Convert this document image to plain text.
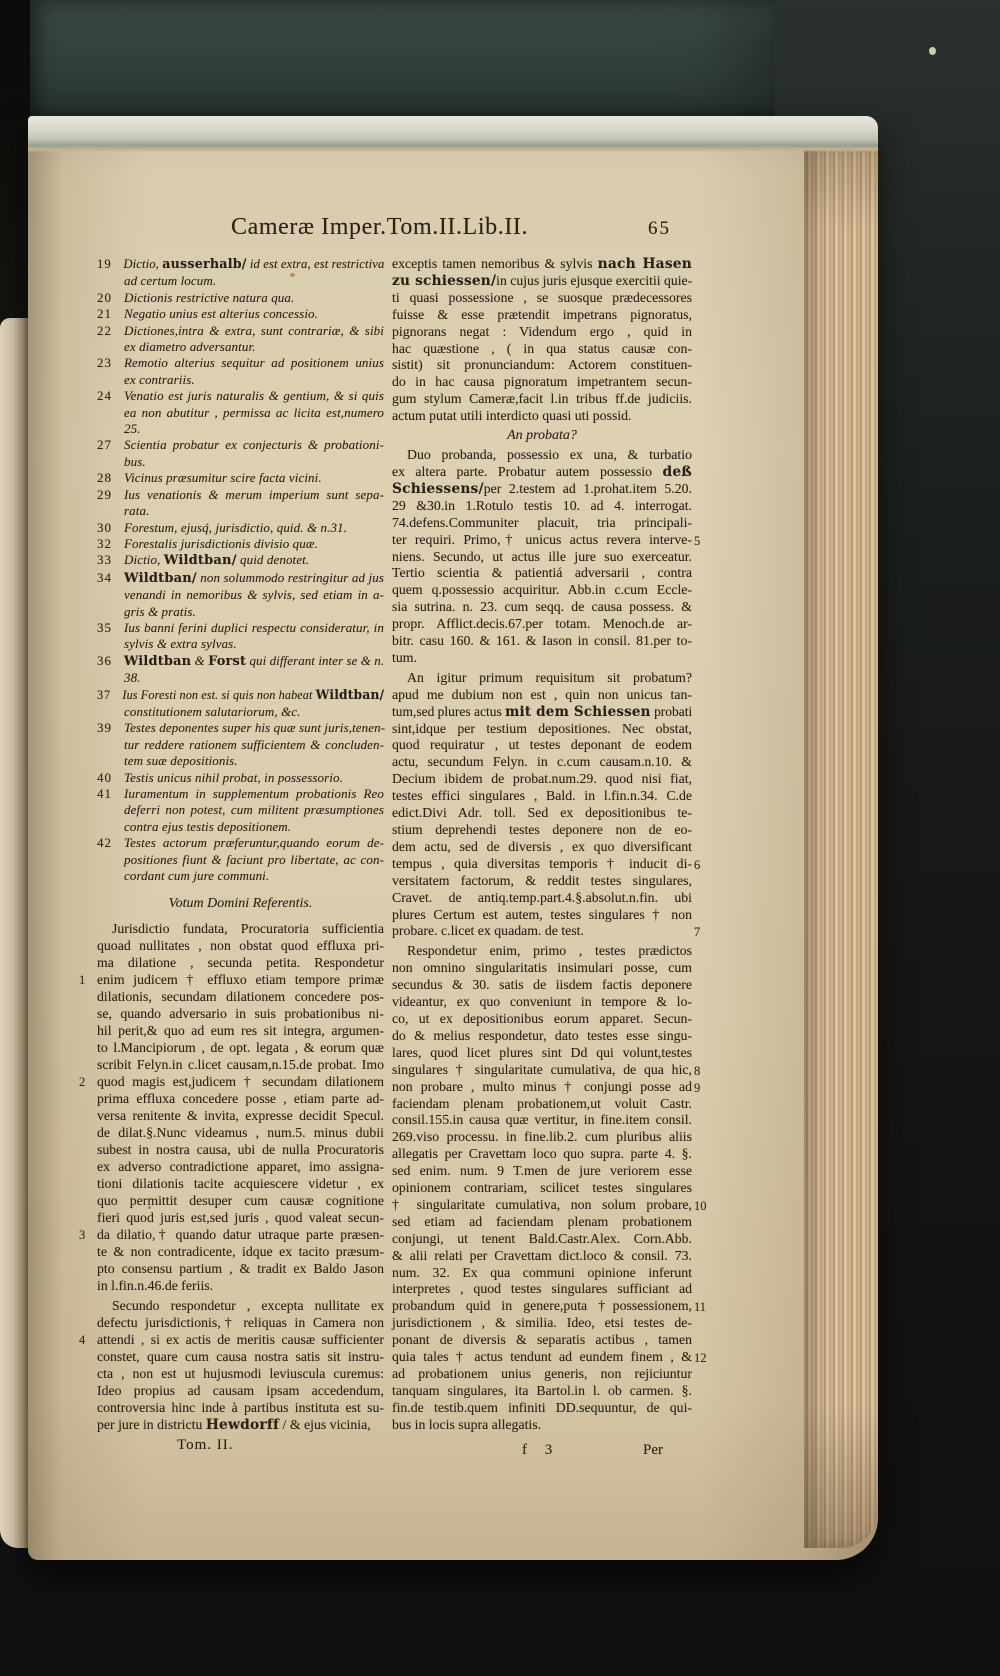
Cameræ Imper.Tom.II.Lib.II.	65
19 Dictio, ausserhalb/ id est extra, est restrictiva
ad certum locum.
20 Dictionis restrictive natura qua.
21 Negatio unius est alterius concessio.
22 Dictiones,intra & extra, sunt contrariæ, & sibi
ex diametro adversantur.
23 Remotio alterius sequitur ad positionem unius
ex contrariis.
24 Venatio est juris naturalis & gentium, & si quis
ea non abutitur , permissa ac licita est,numero
25.
27 Scientia probatur ex conjecturis & probationi-
bus.
28 Vicinus præsumitur scire facta vicini.
29 Ius venationis & merum imperium sunt sepa-
rata.
30 Forestum, ejusq́, jurisdictio, quid. & n.31.
32 Forestalis jurisdictionis divisio quæ.
33 Dictio, Wildtban/ quid denotet.
34 Wildtban/ non solummodo restringitur ad jus
venandi in nemoribus & sylvis, sed etiam in a-
gris & pratis.
35 Ius banni ferini duplici respectu consideratur, in
sylvis & extra sylvas.
36 Wildtban & Forst qui differant inter se & n.
38.
37 Ius Foresti non est. si quis non habeat Wildtban/
constitutionem salutariorum, &c.
39 Testes deponentes super his quæ sunt juris,tenen-
tur reddere rationem sufficientem & concluden-
tem suæ depositionis.
40 Testis unicus nihil probat, in possessorio.
41 Iuramentum in supplementum probationis Reo
deferri non potest, cum militent præsumptiones
contra ejus testis depositionem.
42 Testes actorum præferuntur,quando eorum de-
positiones fiunt & faciunt pro libertate, ac con-
cordant cum jure communi.
Votum Domini Referentis.
Jurisdictio fundata, Procuratoria sufficientia
quoad nullitates , non obstat quod effluxa pri-
ma dilatione , secunda petita. Respondetur
enim judicem † effluxo etiam tempore primæ
dilationis, secundam dilationem concedere pos-
se, quando adversario in suis probationibus ni-
hil perit,& quo ad eum res sit integra, argumen-
to l.Mancipiorum , de opt. legata , & eorum quæ
scribit Felyn.in c.licet causam,n.15.de probat. Imo
quod magis est,judicem † secundam dilationem
prima effluxa concedere posse , etiam parte ad-
versa renitente & invita, expresse decidit Specul.
de dilat.§.Nunc videamus , num.5. minus dubii
subest in nostra causa, ubi de nulla Procuratoris
ex adverso contradictione apparet, imo assigna-
tioni dilationis tacite acquiescere videtur , ex
quo permittit desuper cum causæ cognitione
fieri quod juris est,sed juris , quod valeat secun-
da dilatio,† quando datur utraque parte præsen-
te & non contradicente, idque ex tacito præsum-
pto consensu partium , & tradit ex Baldo Jason
in l.fin.n.46.de feriis.
Secundo respondetur , excepta nullitate ex
defectu jurisdictionis,† reliquas in Camera non
attendi , si ex actis de meritis causæ sufficienter
constet, quare cum causa nostra satis sit instru-
cta , non est ut hujusmodi leviuscula curemus:
Ideo propius ad causam ipsam accedendum,
controversia hinc inde à partibus instituta est su-
per jure in districtu Hewdorff / & ejus vicinia,
Tom. II.
exceptis tamen nemoribus & sylvis nach Hasen
zu schiessen/in cujus juris ejusque exercitii quie-
ti quasi possessione , se suosque prædecessores
fuisse & esse prætendit impetrans pignoratus,
pignorans negat : Videndum ergo , quid in
hac quæstione , ( in qua status causæ con-
sistit) sit pronunciandum: Actorem constituen-
do in hac causa pignoratum impetrantem secun-
gum stylum Cameræ,facit l.in tribus ff.de judiciis.
actum putat utili interdicto quasi uti possid.
An probata?
Duo probanda, possessio ex una, & turbatio
ex altera parte. Probatur autem possessio deß
Schiessens/per 2.testem ad 1.prohat.item 5.20.
29 &30.in 1.Rotulo testis 10. ad 4. interrogat.
74.defens.Communiter placuit, tria principali-
ter requiri. Primo,† unicus actus revera interve-
niens. Secundo, ut actus ille jure suo exerceatur.
Tertio scientia & patientiá adversarii , contra
quem q.possessio acquiritur. Abb.in c.cum Eccle-
sia sutrina. n. 23. cum seqq. de causa possess. &
propr. Afflict.decis.67.per totam. Menoch.de ar-
bitr. casu 160. & 161. & Iason in consil. 81.per to-
tum.
An igitur primum requisitum sit probatum?
apud me dubium non est , quin non unicus tan-
tum,sed plures actus mit dem Schiessen probati
sint,idque per testium depositiones. Nec obstat,
quod requiratur , ut testes deponant de eodem
actu, secundum Felyn. in c.cum causam.n.10. &
Decium ibidem de probat.num.29. quod nisi fiat,
testes effici singulares , Bald. in l.fin.n.34. C.de
edict.Divi Adr. toll. Sed ex depositionibus te-
stium deprehendi testes deponere non de eo-
dem actu, sed de diversis , ex quo diversificant
tempus , quia diversitas temporis † inducit di-
versitatem factorum, & reddit testes singulares,
Cravet. de antiq.temp.part.4.§.absolut.n.fin. ubi
plures Certum est autem, testes singulares † non
probare. c.licet ex quadam. de test.
Respondetur enim, primo , testes prædictos
non omnino singularitatis insimulari posse, cum
secundus & 30. satis de iisdem factis deponere
videantur, ex quo conveniunt in tempore & lo-
co, ut ex depositionibus eorum apparet. Secun-
do & melius respondetur, dato testes esse singu-
lares, quod licet plures sint Dd qui volunt,testes
singulares † singularitate cumulativa, de qua hic,
non probare , multo minus † conjungi posse ad
faciendam plenam probationem,ut voluit Castr.
consil.155.in causa quæ vertitur, in fine.item consil.
269.viso processu. in fine.lib.2. cum pluribus aliis
allegatis per Cravettam loco quo supra. parte 4. §.
sed enim. num. 9 T.men de jure veriorem esse
opinionem contrariam, scilicet testes singulares
† singularitate cumulativa, non solum probare,
sed etiam ad faciendam plenam probationem
conjungi, ut tenent Bald.Castr.Alex. Corn.Abb.
& alii relati per Cravettam dict.loco & consil. 73.
num. 32. Ex qua communi opinione inferunt
interpretes , quod testes singulares sufficiant ad
probandum quid in genere,puta †possessionem,
jurisdictionem , & similia. Ideo, etsi testes de-
ponant de diversis & separatis actibus , tamen
quia tales † actus tendunt ad eundem finem , &
ad probationem unius generis, non rejiciuntur
tanquam singulares, ita Bartol.in l. ob carmen. §.
fin.de testib.quem infiniti DD.sequuntur, de qui-
bus in locis supra allegatis.
f 3	Per
1
2
3
4
5
6
7
8
9
10
11
12
